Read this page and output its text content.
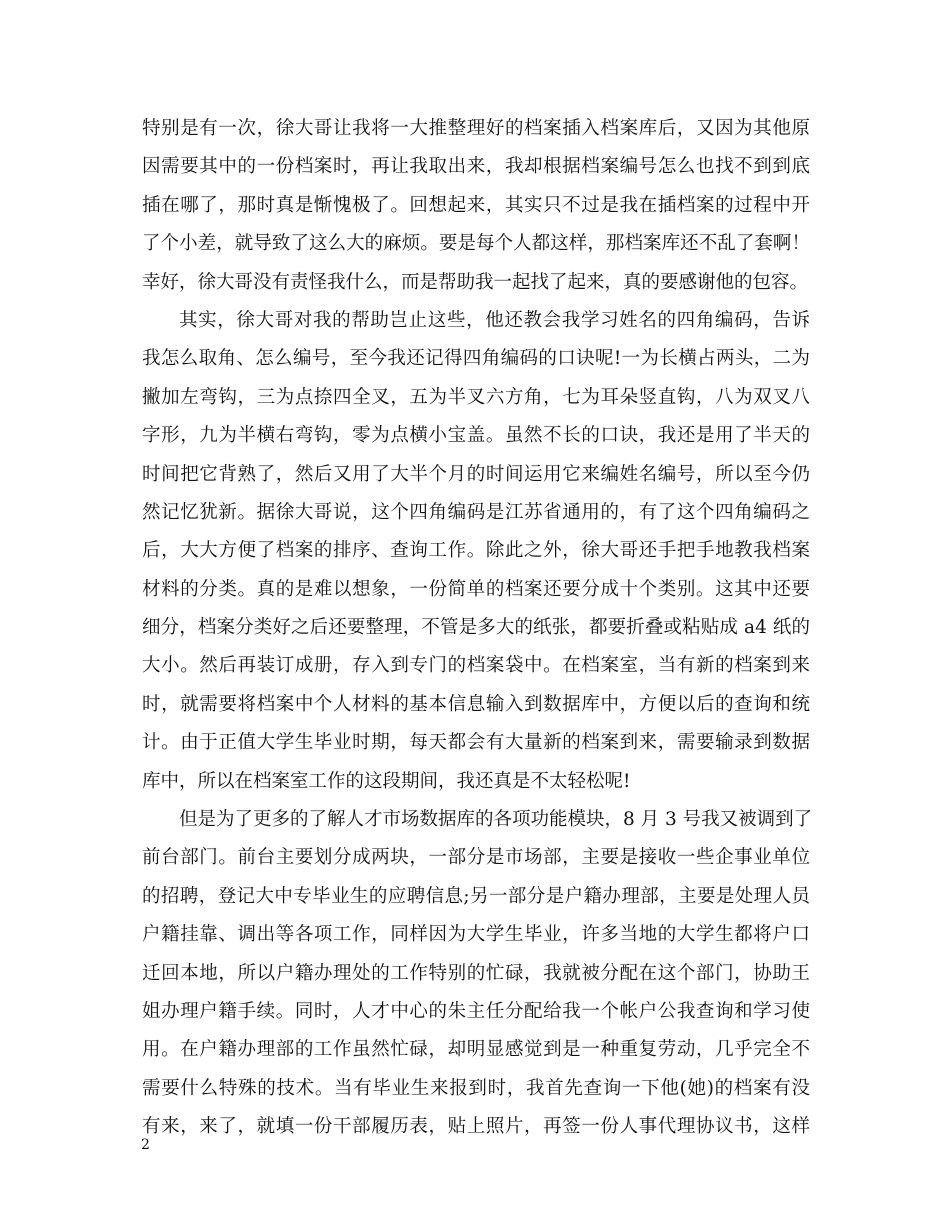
特别是有一次，徐大哥让我将一大推整理好的档案插入档案库后，又因为其他原
因需要其中的一份档案时，再让我取出来，我却根据档案编号怎么也找不到到底
插在哪了，那时真是惭愧极了。回想起来，其实只不过是我在插档案的过程中开
了个小差，就导致了这么大的麻烦。要是每个人都这样，那档案库还不乱了套啊！
幸好，徐大哥没有责怪我什么，而是帮助我一起找了起来，真的要感谢他的包容。
其实，徐大哥对我的帮助岂止这些，他还教会我学习姓名的四角编码，告诉
我怎么取角、怎么编号，至今我还记得四角编码的口诀呢!一为长横占两头，二为
撇加左弯钩，三为点捺四全叉，五为半叉六方角，七为耳朵竖直钩，八为双叉八
字形，九为半横右弯钩，零为点横小宝盖。虽然不长的口诀，我还是用了半天的
时间把它背熟了，然后又用了大半个月的时间运用它来编姓名编号，所以至今仍
然记忆犹新。据徐大哥说，这个四角编码是江苏省通用的，有了这个四角编码之
后，大大方便了档案的排序、查询工作。除此之外，徐大哥还手把手地教我档案
材料的分类。真的是难以想象，一份简单的档案还要分成十个类别。这其中还要
细分，档案分类好之后还要整理，不管是多大的纸张，都要折叠或粘贴成 a4 纸的
大小。然后再装订成册，存入到专门的档案袋中。在档案室，当有新的档案到来
时，就需要将档案中个人材料的基本信息输入到数据库中，方便以后的查询和统
计。由于正值大学生毕业时期，每天都会有大量新的档案到来，需要输录到数据
库中，所以在档案室工作的这段期间，我还真是不太轻松呢!
但是为了更多的了解人才市场数据库的各项功能模块，8 月 3 号我又被调到了
前台部门。前台主要划分成两块，一部分是市场部，主要是接收一些企事业单位
的招聘，登记大中专毕业生的应聘信息;另一部分是户籍办理部，主要是处理人员
户籍挂靠、调出等各项工作，同样因为大学生毕业，许多当地的大学生都将户口
迁回本地，所以户籍办理处的工作特别的忙碌，我就被分配在这个部门，协助王
姐办理户籍手续。同时，人才中心的朱主任分配给我一个帐户公我查询和学习使
用。在户籍办理部的工作虽然忙碌，却明显感觉到是一种重复劳动，几乎完全不
需要什么特殊的技术。当有毕业生来报到时，我首先查询一下他(她)的档案有没
有来，来了，就填一份干部履历表，贴上照片，再签一份人事代理协议书，这样
2
